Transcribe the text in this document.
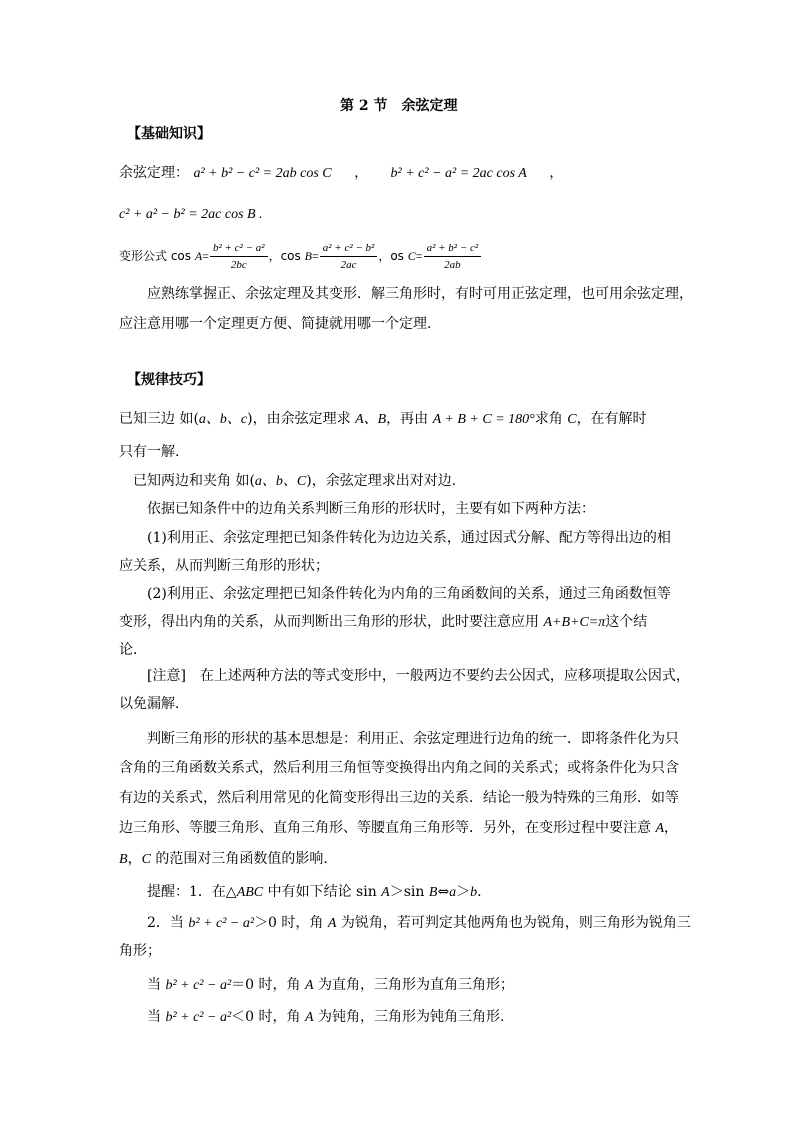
第 2 节　余弦定理
【基础知识】
余弦定理： a² + b² − c² = 2ab cos C ， b² + c² − a² = 2ac cos A ，
c² + a² − b² = 2ac cos B .
变形公式 $\cos A= \frac{\text{b² + c² − a²}}{2bc}$ ，$\cos B= \frac{\text{a² + c² − b²}}{2ac}$ ，os $C= \frac{\text{a² + b² − c²}}{2ab}$
应熟练掌握正、余弦定理及其变形．解三角形时，有时可用正弦定理，也可用余弦定理，
应注意用哪一个定理更方便、简捷就用哪一个定理．
【规律技巧】
已知三边 如(a、b、c)，由余弦定理求 A、B，再由 A + B + C = 180°求角 C，在有解时
只有一解.
已知两边和夹角 如(a、b、C)，余弦定理求出对对边.
依据已知条件中的边角关系判断三角形的形状时，主要有如下两种方法：
(1)利用正、余弦定理把已知条件转化为边边关系，通过因式分解、配方等得出边的相
应关系，从而判断三角形的形状；
(2)利用正、余弦定理把已知条件转化为内角的三角函数间的关系，通过三角函数恒等
变形，得出内角的关系，从而判断出三角形的形状，此时要注意应用 A+B+C=π这个结
论．
[注意]　在上述两种方法的等式变形中，一般两边不要约去公因式，应移项提取公因式，
以免漏解．
判断三角形的形状的基本思想是：利用正、余弦定理进行边角的统一．即将条件化为只
含角的三角函数关系式，然后利用三角恒等变换得出内角之间的关系式；或将条件化为只含
有边的关系式，然后利用常见的化简变形得出三边的关系．结论一般为特殊的三角形．如等
边三角形、等腰三角形、直角三角形、等腰直角三角形等．另外，在变形过程中要注意 A，
B，C 的范围对三角函数值的影响．
提醒：1．在△ABC 中有如下结论 sin A＞sin B⇔a＞b.
2．当 b² + c² − a²＞0 时，角 A 为锐角，若可判定其他两角也为锐角，则三角形为锐角三
角形；
当 b² + c² − a²＝0 时，角 A 为直角，三角形为直角三角形；
当 b² + c² − a²＜0 时，角 A 为钝角，三角形为钝角三角形.
